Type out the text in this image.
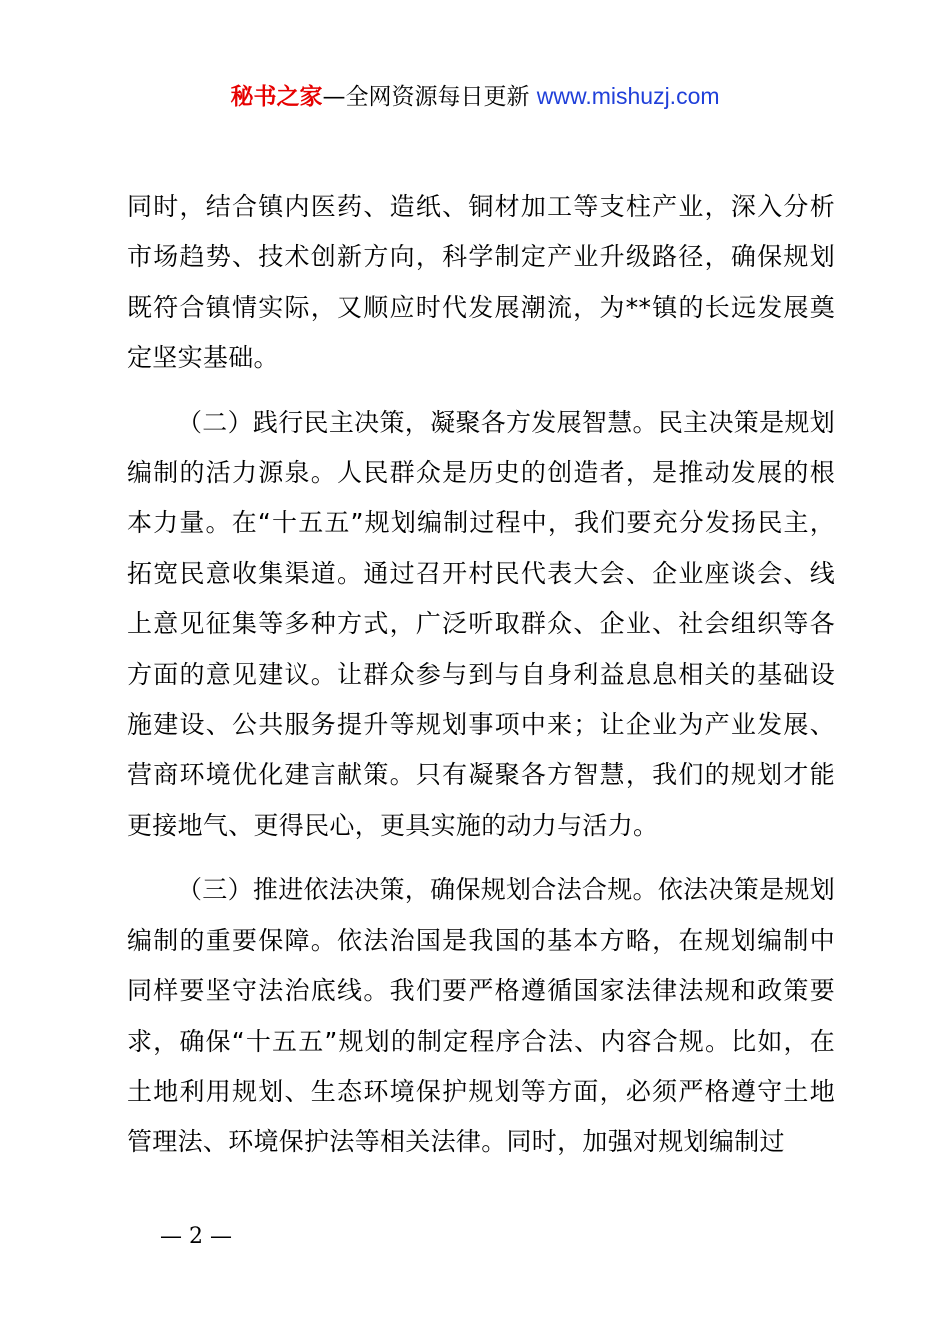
秘书之家—全网资源每日更新 www.mishuzj.com

同时，结合镇内医药、造纸、铜材加工等支柱产业，深入分析市场趋势、技术创新方向，科学制定产业升级路径，确保规划既符合镇情实际，又顺应时代发展潮流，为**镇的长远发展奠定坚实基础。

（二）践行民主决策，凝聚各方发展智慧。民主决策是规划编制的活力源泉。人民群众是历史的创造者，是推动发展的根本力量。在“十五五”规划编制过程中，我们要充分发扬民主，拓宽民意收集渠道。通过召开村民代表大会、企业座谈会、线上意见征集等多种方式，广泛听取群众、企业、社会组织等各方面的意见建议。让群众参与到与自身利益息息相关的基础设施建设、公共服务提升等规划事项中来；让企业为产业发展、营商环境优化建言献策。只有凝聚各方智慧，我们的规划才能更接地气、更得民心，更具实施的动力与活力。

（三）推进依法决策，确保规划合法合规。依法决策是规划编制的重要保障。依法治国是我国的基本方略，在规划编制中同样要坚守法治底线。我们要严格遵循国家法律法规和政策要求，确保“十五五”规划的制定程序合法、内容合规。比如，在土地利用规划、生态环境保护规划等方面，必须严格遵守土地管理法、环境保护法等相关法律。同时，加强对规划编制过

— 2 —
